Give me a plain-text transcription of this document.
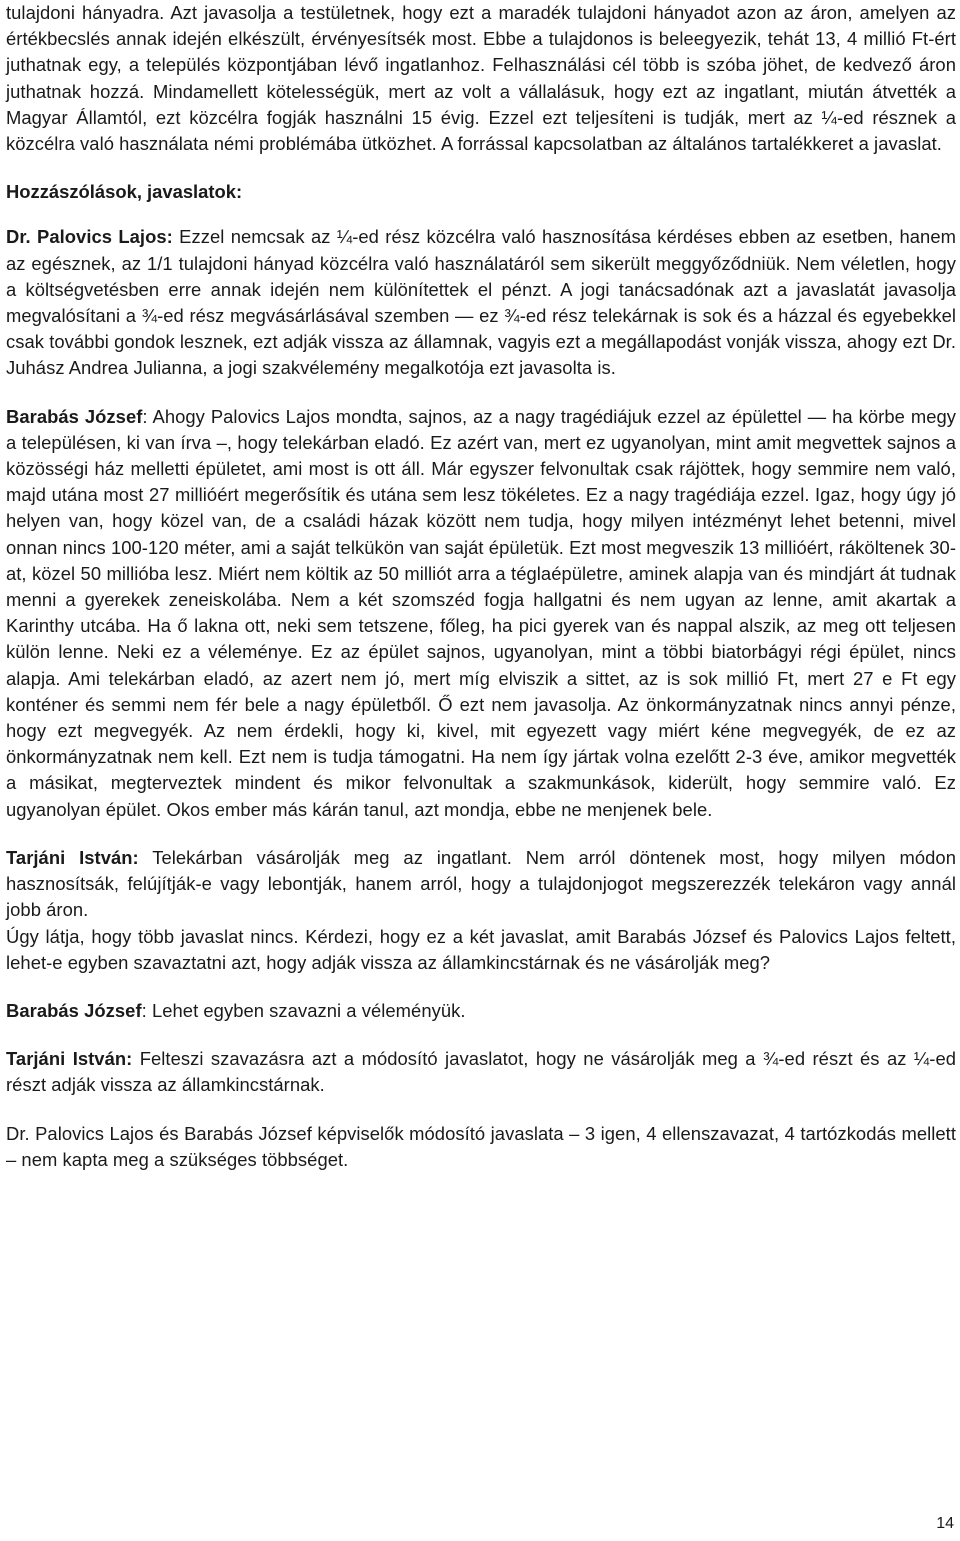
tulajdoni hányadra. Azt javasolja a testületnek, hogy ezt a maradék tulajdoni hányadot azon az áron, amelyen az értékbecslés annak idején elkészült, érvényesítsék most. Ebbe a tulajdonos is beleegyezik, tehát 13, 4 millió Ft-ért juthatnak egy, a település központjában lévő ingatlanhoz. Felhasználási cél több is szóba jöhet, de kedvező áron juthatnak hozzá. Mindamellett kötelességük, mert az volt a vállalásuk, hogy ezt az ingatlant, miután átvették a Magyar Államtól, ezt közcélra fogják használni 15 évig. Ezzel ezt teljesíteni is tudják, mert az ¼-ed résznek a közcélra való használata némi problémába ütközhet. A forrással kapcsolatban az általános tartalékkeret a javaslat.

Hozzászólások, javaslatok:

Dr. Palovics Lajos: Ezzel nemcsak az ¼-ed rész közcélra való hasznosítása kérdéses ebben az esetben, hanem az egésznek, az 1/1 tulajdoni hányad közcélra való használatáról sem sikerült meggyőződniük. Nem véletlen, hogy a költségvetésben erre annak idején nem különítettek el pénzt. A jogi tanácsadónak azt a javaslatát javasolja megvalósítani a ¾-ed rész megvásárlásával szemben — ez ¾-ed rész telekárnak is sok és a házzal és egyebekkel csak további gondok lesznek, ezt adják vissza az államnak, vagyis ezt a megállapodást vonják vissza, ahogy ezt Dr. Juhász Andrea Julianna, a jogi szakvélemény megalkotója ezt javasolta is.

Barabás József: Ahogy Palovics Lajos mondta, sajnos, az a nagy tragédiájuk ezzel az épülettel — ha körbe megy a településen, ki van írva –, hogy telekárban eladó. Ez azért van, mert ez ugyanolyan, mint amit megvettek sajnos a közösségi ház melletti épületet, ami most is ott áll. Már egyszer felvonultak csak rájöttek, hogy semmire nem való, majd utána most 27 millióért megerősítik és utána sem lesz tökéletes. Ez a nagy tragédiája ezzel. Igaz, hogy úgy jó helyen van, hogy közel van, de a családi házak között nem tudja, hogy milyen intézményt lehet betenni, mivel onnan nincs 100-120 méter, ami a saját telkükön van saját épületük. Ezt most megveszik 13 millióért, ráköltenek 30-at, közel 50 millióba lesz. Miért nem költik az 50 milliót arra a téglaépületre, aminek alapja van és mindjárt át tudnak menni a gyerekek zeneiskolába. Nem a két szomszéd fogja hallgatni és nem ugyan az lenne, amit akartak a Karinthy utcába. Ha ő lakna ott, neki sem tetszene, főleg, ha pici gyerek van és nappal alszik, az meg ott teljesen külön lenne. Neki ez a véleménye. Ez az épület sajnos, ugyanolyan, mint a többi biatorbágyi régi épület, nincs alapja. Ami telekárban eladó, az azert nem jó, mert míg elviszik a sittet, az is sok millió Ft, mert 27 e Ft egy konténer és semmi nem fér bele a nagy épületből. Ő ezt nem javasolja. Az önkormányzatnak nincs annyi pénze, hogy ezt megvegyék. Az nem érdekli, hogy ki, kivel, mit egyezett vagy miért kéne megvegyék, de ez az önkormányzatnak nem kell. Ezt nem is tudja támogatni. Ha nem így jártak volna ezelőtt 2-3 éve, amikor megvették a másikat, megterveztek mindent és mikor felvonultak a szakmunkások, kiderült, hogy semmire való. Ez ugyanolyan épület. Okos ember más kárán tanul, azt mondja, ebbe ne menjenek bele.

Tarjáni István: Telekárban vásárolják meg az ingatlant. Nem arról döntenek most, hogy milyen módon hasznosítsák, felújítják-e vagy lebontják, hanem arról, hogy a tulajdonjogot megszerezzék telekáron vagy annál jobb áron.

Úgy látja, hogy több javaslat nincs. Kérdezi, hogy ez a két javaslat, amit Barabás József és Palovics Lajos feltett, lehet-e egyben szavaztatni azt, hogy adják vissza az államkincstárnak és ne vásárolják meg?

Barabás József: Lehet egyben szavazni a véleményük.

Tarjáni István: Felteszi szavazásra azt a módosító javaslatot, hogy ne vásárolják meg a ¾-ed részt és az ¼-ed részt adják vissza az államkincstárnak.

Dr. Palovics Lajos és Barabás József képviselők módosító javaslata – 3 igen, 4 ellenszavazat, 4 tartózkodás mellett – nem kapta meg a szükséges többséget.

14
